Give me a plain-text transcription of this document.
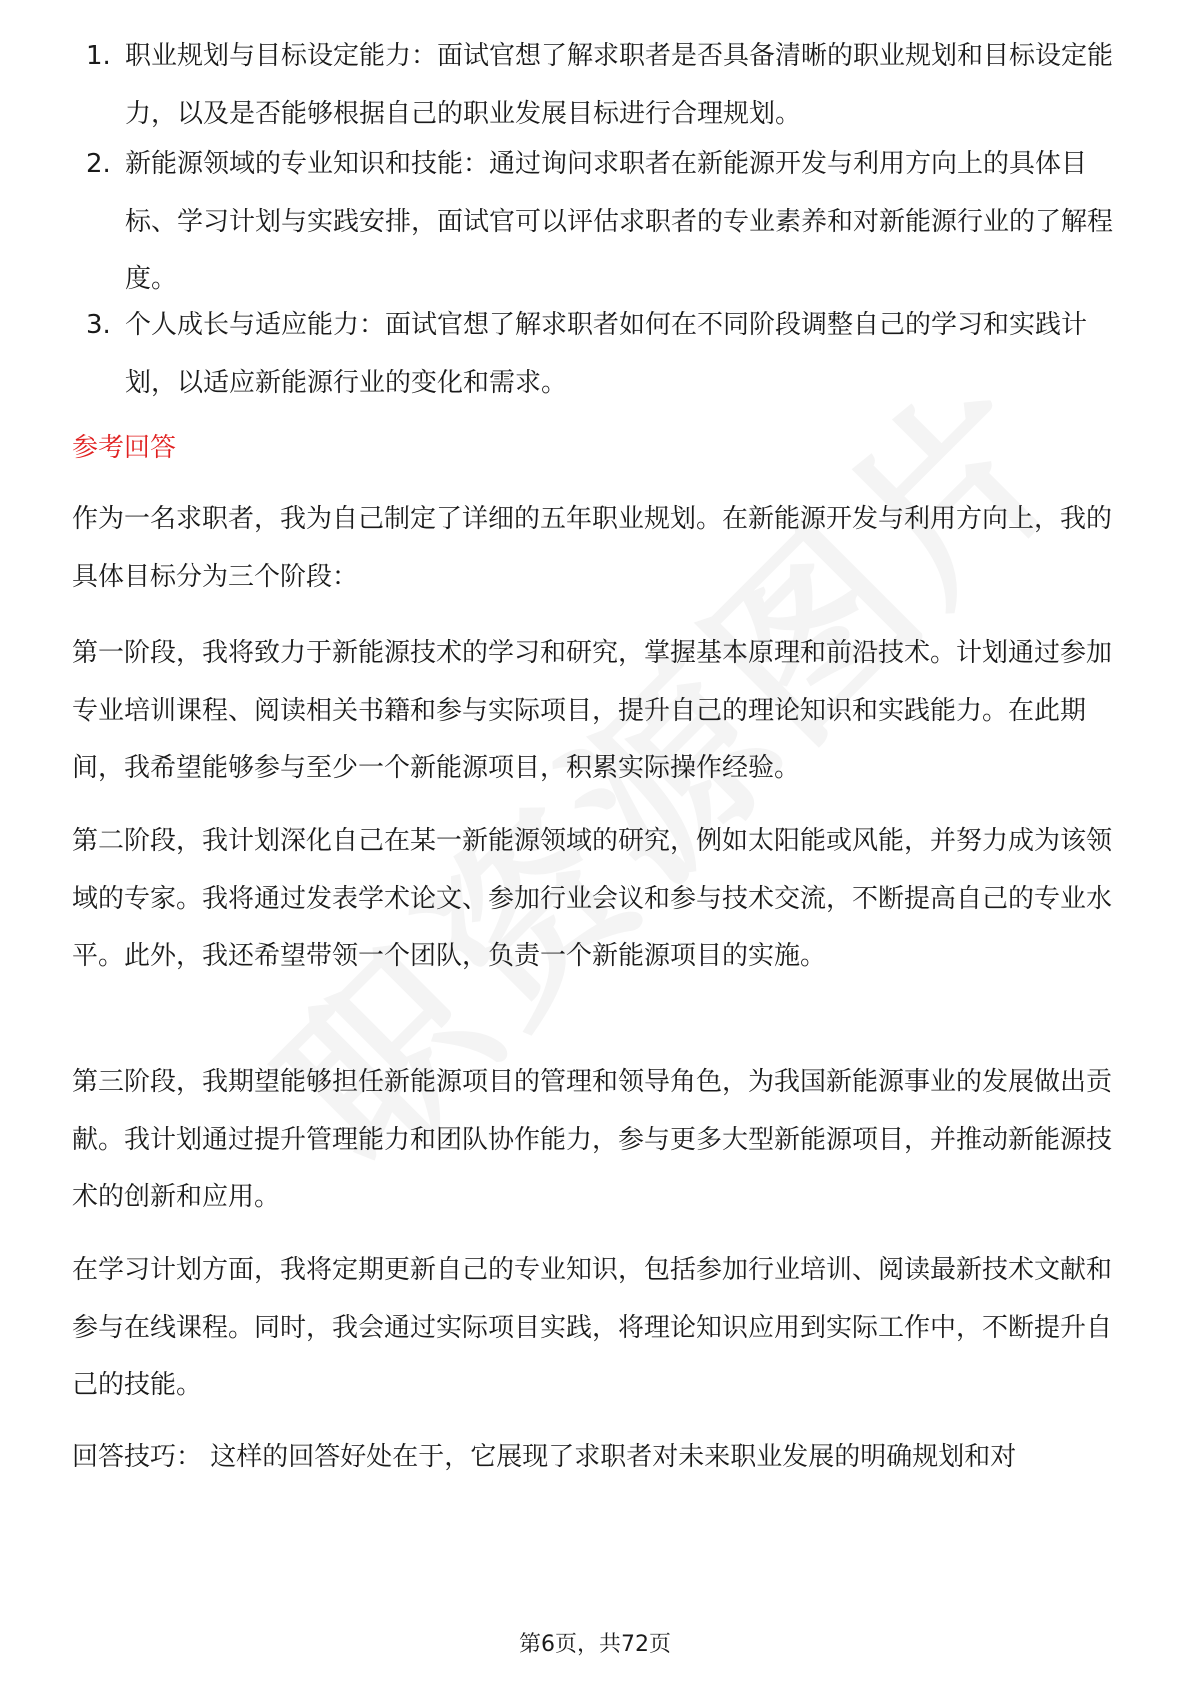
1. 职业规划与目标设定能力：面试官想了解求职者是否具备清晰的职业规划和目标设定能力，以及是否能够根据自己的职业发展目标进行合理规划。
2. 新能源领域的专业知识和技能：通过询问求职者在新能源开发与利用方向上的具体目标、学习计划与实践安排，面试官可以评估求职者的专业素养和对新能源行业的了解程度。
3. 个人成长与适应能力：面试官想了解求职者如何在不同阶段调整自己的学习和实践计划，以适应新能源行业的变化和需求。
参考回答
作为一名求职者，我为自己制定了详细的五年职业规划。在新能源开发与利用方向上，我的具体目标分为三个阶段：
第一阶段，我将致力于新能源技术的学习和研究，掌握基本原理和前沿技术。计划通过参加专业培训课程、阅读相关书籍和参与实际项目，提升自己的理论知识和实践能力。在此期间，我希望能够参与至少一个新能源项目，积累实际操作经验。
第二阶段，我计划深化自己在某一新能源领域的研究，例如太阳能或风能，并努力成为该领域的专家。我将通过发表学术论文、参加行业会议和参与技术交流，不断提高自己的专业水平。此外，我还希望带领一个团队，负责一个新能源项目的实施。
第三阶段，我期望能够担任新能源项目的管理和领导角色，为我国新能源事业的发展做出贡献。我计划通过提升管理能力和团队协作能力，参与更多大型新能源项目，并推动新能源技术的创新和应用。
在学习计划方面，我将定期更新自己的专业知识，包括参加行业培训、阅读最新技术文献和参与在线课程。同时，我会通过实际项目实践，将理论知识应用到实际工作中，不断提升自己的技能。
回答技巧： 这样的回答好处在于，它展现了求职者对未来职业发展的明确规划和对
第6页，共72页
